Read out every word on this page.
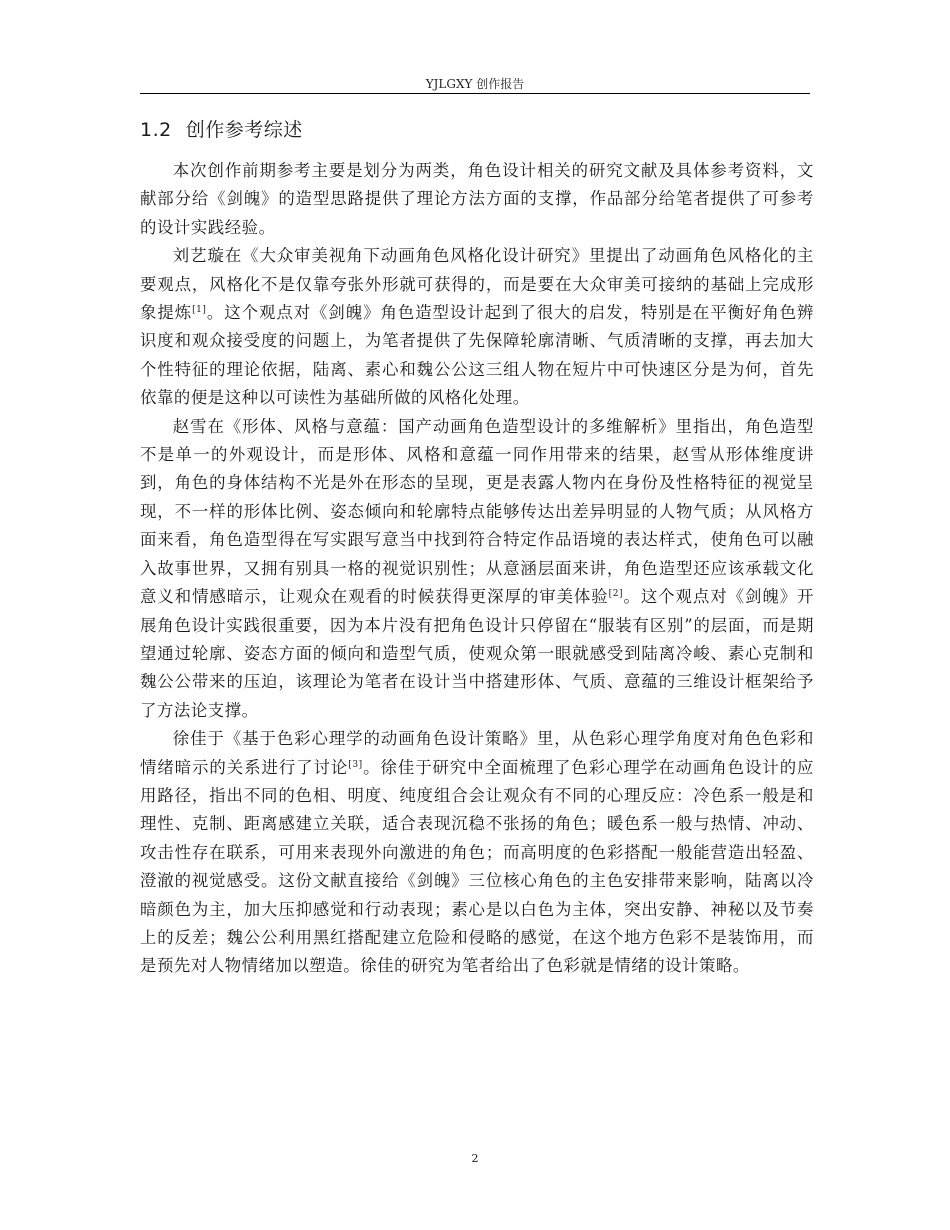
YJLGXY 创作报告
1.2 创作参考综述

本次创作前期参考主要是划分为两类，角色设计相关的研究文献及具体参考资料，文献部分给《剑魄》的造型思路提供了理论方法方面的支撑，作品部分给笔者提供了可参考的设计实践经验。

刘艺璇在《大众审美视角下动画角色风格化设计研究》里提出了动画角色风格化的主要观点，风格化不是仅靠夸张外形就可获得的，而是要在大众审美可接纳的基础上完成形象提炼[1]。这个观点对《剑魄》角色造型设计起到了很大的启发，特别是在平衡好角色辨识度和观众接受度的问题上，为笔者提供了先保障轮廓清晰、气质清晰的支撑，再去加大个性特征的理论依据，陆离、素心和魏公公这三组人物在短片中可快速区分是为何，首先依靠的便是这种以可读性为基础所做的风格化处理。

赵雪在《形体、风格与意蕴：国产动画角色造型设计的多维解析》里指出，角色造型不是单一的外观设计，而是形体、风格和意蕴一同作用带来的结果，赵雪从形体维度讲到，角色的身体结构不光是外在形态的呈现，更是表露人物内在身份及性格特征的视觉呈现，不一样的形体比例、姿态倾向和轮廓特点能够传达出差异明显的人物气质；从风格方面来看，角色造型得在写实跟写意当中找到符合特定作品语境的表达样式，使角色可以融入故事世界，又拥有别具一格的视觉识别性；从意涵层面来讲，角色造型还应该承载文化意义和情感暗示，让观众在观看的时候获得更深厚的审美体验[2]。这个观点对《剑魄》开展角色设计实践很重要，因为本片没有把角色设计只停留在“服装有区别”的层面，而是期望通过轮廓、姿态方面的倾向和造型气质，使观众第一眼就感受到陆离冷峻、素心克制和魏公公带来的压迫，该理论为笔者在设计当中搭建形体、气质、意蕴的三维设计框架给予了方法论支撑。

徐佳于《基于色彩心理学的动画角色设计策略》里，从色彩心理学角度对角色色彩和情绪暗示的关系进行了讨论[3]。徐佳于研究中全面梳理了色彩心理学在动画角色设计的应用路径，指出不同的色相、明度、纯度组合会让观众有不同的心理反应：冷色系一般是和理性、克制、距离感建立关联，适合表现沉稳不张扬的角色；暖色系一般与热情、冲动、攻击性存在联系，可用来表现外向激进的角色；而高明度的色彩搭配一般能营造出轻盈、澄澈的视觉感受。这份文献直接给《剑魄》三位核心角色的主色安排带来影响，陆离以冷暗颜色为主，加大压抑感觉和行动表现；素心是以白色为主体，突出安静、神秘以及节奏上的反差；魏公公利用黑红搭配建立危险和侵略的感觉，在这个地方色彩不是装饰用，而是预先对人物情绪加以塑造。徐佳的研究为笔者给出了色彩就是情绪的设计策略。

2
